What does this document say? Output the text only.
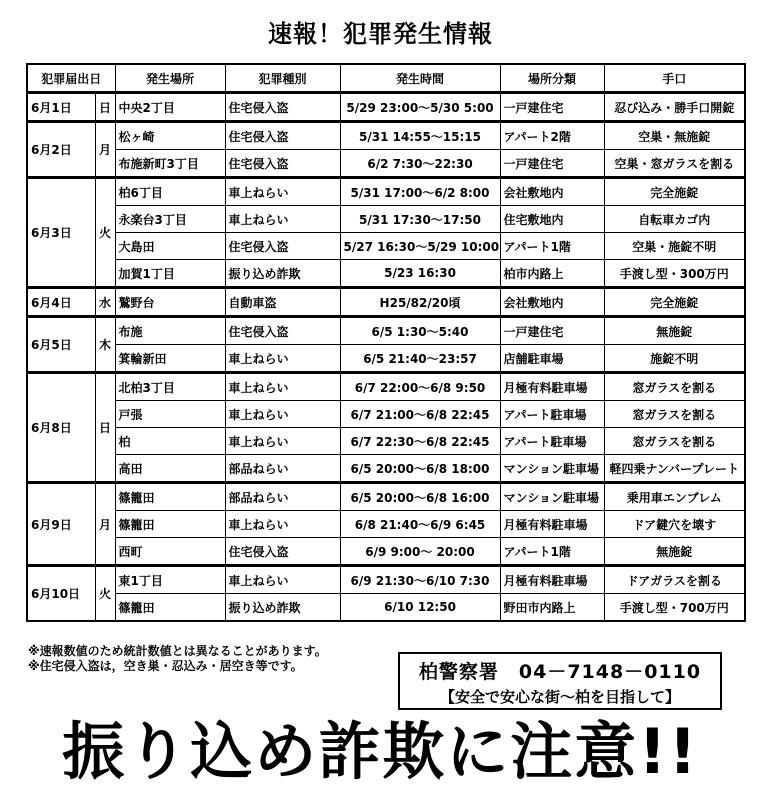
速報！犯罪発生情報
犯罪届出日		発生場所	犯罪種別	発生時間	場所分類	手口
6月1日	日	中央2丁目	住宅侵入盗	5/29 23:00～5/30 5:00	一戸建住宅	忍び込み・勝手口開錠
6月2日	月	松ヶ崎	住宅侵入盗	5/31 14:55～15:15	アパート2階	空巣・無施錠
		布施新町3丁目	住宅侵入盗	6/2 7:30～22:30	一戸建住宅	空巣・窓ガラスを割る
6月3日	火	柏6丁目	車上ねらい	5/31 17:00～6/2 8:00	会社敷地内	完全施錠
		永楽台3丁目	車上ねらい	5/31 17:30～17:50	住宅敷地内	自転車カゴ内
		大島田	住宅侵入盗	5/27 16:30～5/29 10:00	アパート1階	空巣・施錠不明
		加賀1丁目	振り込め詐欺	5/23 16:30	柏市内路上	手渡し型・300万円
6月4日	水	鷲野台	自動車盗	H25/82/20頃	会社敷地内	完全施錠
6月5日	木	布施	住宅侵入盗	6/5 1:30～5:40	一戸建住宅	無施錠
		箕輪新田	車上ねらい	6/5 21:40～23:57	店舗駐車場	施錠不明
6月8日	日	北柏3丁目	車上ねらい	6/7 22:00～6/8 9:50	月極有料駐車場	窓ガラスを割る
		戸張	車上ねらい	6/7 21:00～6/8 22:45	アパート駐車場	窓ガラスを割る
		柏	車上ねらい	6/7 22:30～6/8 22:45	アパート駐車場	窓ガラスを割る
		高田	部品ねらい	6/5 20:00～6/8 18:00	マンション駐車場	軽四乗ナンバープレート
6月9日	月	篠籠田	部品ねらい	6/5 20:00～6/8 16:00	マンション駐車場	乗用車エンブレム
		篠籠田	車上ねらい	6/8 21:40～6/9 6:45	月極有料駐車場	ドア鍵穴を壊す
		西町	住宅侵入盗	6/9 9:00～ 20:00	アパート1階	無施錠
6月10日	火	東1丁目	車上ねらい	6/9 21:30～6/10 7:30	月極有料駐車場	ドアガラスを割る
		篠籠田	振り込め詐欺	6/10 12:50	野田市内路上	手渡し型・700万円
※速報数値のため統計数値とは異なることがあります。
※住宅侵入盗は，空き巣・忍込み・居空き等です。	柏警察署　04－7148－0110
【安全で安心な街～柏を目指して】
振り込め詐欺に注意!!
